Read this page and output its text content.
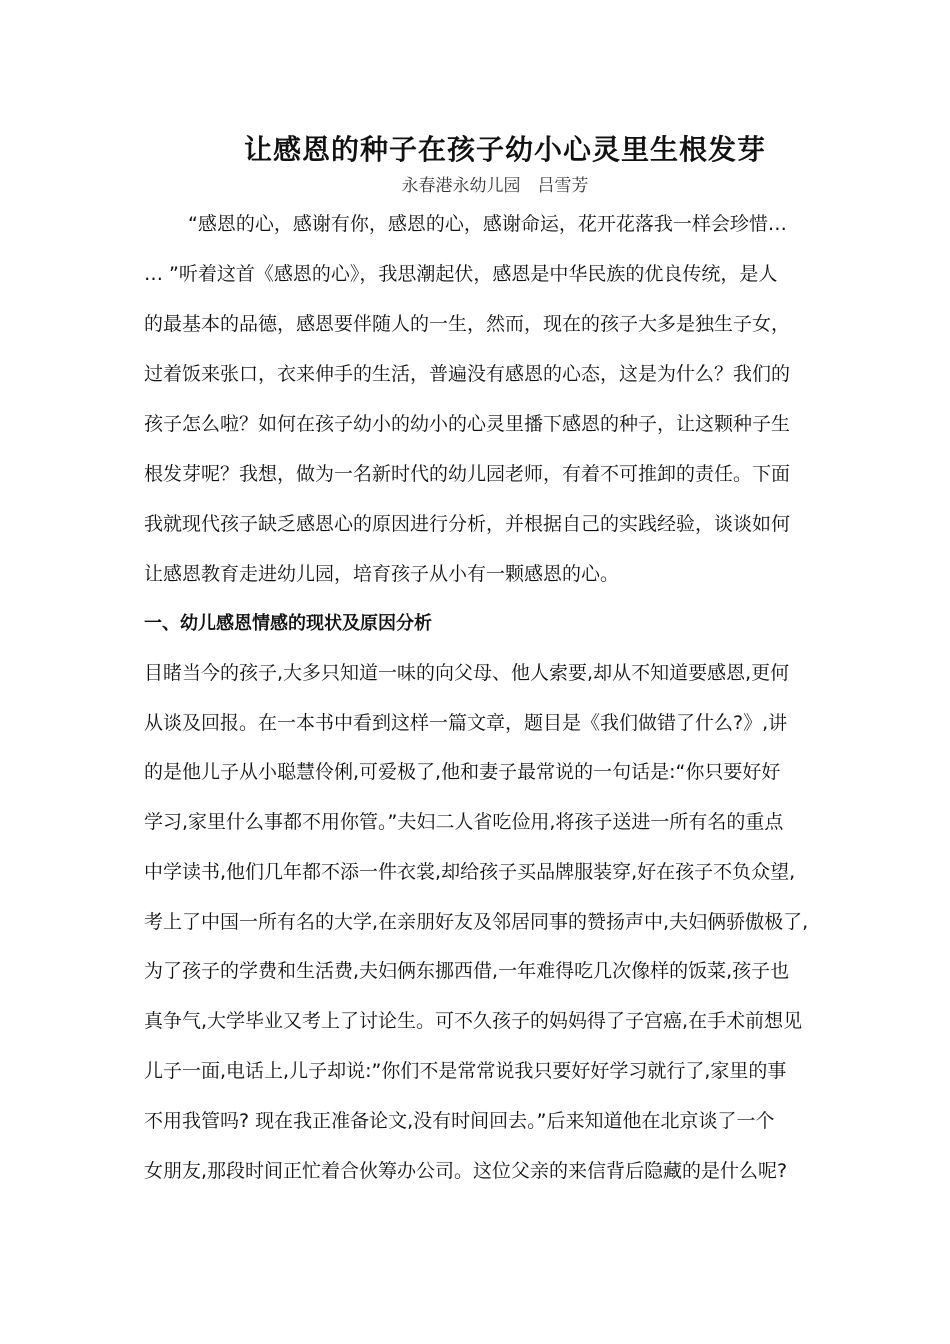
让感恩的种子在孩子幼小心灵里生根发芽
永春港永幼儿园　吕雪芳
“感恩的心，感谢有你，感恩的心，感谢命运，花开花落我一样会珍惜…
… ”听着这首《感恩的心》，我思潮起伏，感恩是中华民族的优良传统，是人
的最基本的品德，感恩要伴随人的一生，然而，现在的孩子大多是独生子女，
过着饭来张口，衣来伸手的生活，普遍没有感恩的心态，这是为什么？我们的
孩子怎么啦？如何在孩子幼小的幼小的心灵里播下感恩的种子，让这颗种子生
根发芽呢？我想，做为一名新时代的幼儿园老师，有着不可推卸的责任。下面
我就现代孩子缺乏感恩心的原因进行分析，并根据自己的实践经验，谈谈如何
让感恩教育走进幼儿园，培育孩子从小有一颗感恩的心。
一、幼儿感恩情感的现状及原因分析
目睹当今的孩子,大多只知道一味的向父母、他人索要,却从不知道要感恩,更何
从谈及回报。在一本书中看到这样一篇文章，题目是《我们做错了什么?》,讲
的是他儿子从小聪慧伶俐,可爱极了,他和妻子最常说的一句话是:“你只要好好
学习,家里什么事都不用你管。”夫妇二人省吃俭用,将孩子送进一所有名的重点
中学读书,他们几年都不添一件衣裳,却给孩子买品牌服装穿,好在孩子不负众望,
考上了中国一所有名的大学,在亲朋好友及邻居同事的赞扬声中,夫妇俩骄傲极了,
为了孩子的学费和生活费,夫妇俩东挪西借,一年难得吃几次像样的饭菜,孩子也
真争气,大学毕业又考上了讨论生。可不久孩子的妈妈得了子宫癌,在手术前想见
儿子一面,电话上,儿子却说:”你们不是常常说我只要好好学习就行了,家里的事
不用我管吗? 现在我正准备论文,没有时间回去。”后来知道他在北京谈了一个
女朋友,那段时间正忙着合伙筹办公司。这位父亲的来信背后隐藏的是什么呢?
